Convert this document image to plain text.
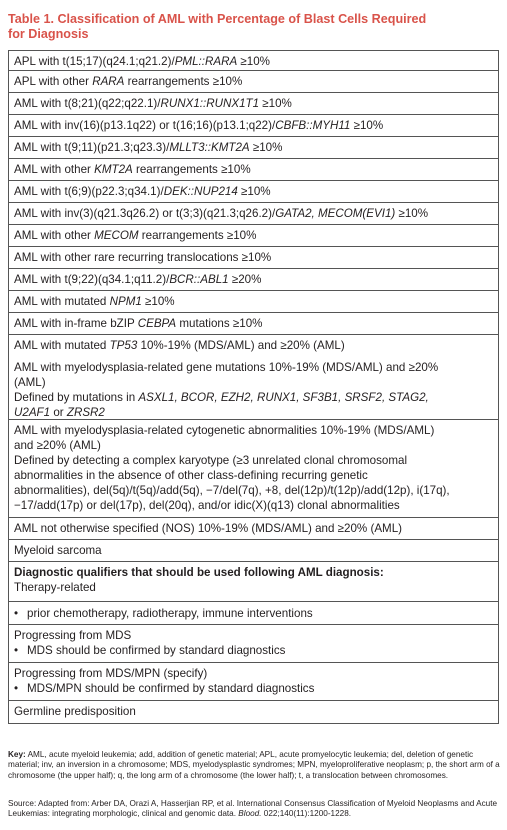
Table 1. Classification of AML with Percentage of Blast Cells Required
for Diagnosis
APL with t(15;17)(q24.1;q21.2)/PML::RARA ≥10%
APL with other RARA rearrangements ≥10%
AML with t(8;21)(q22;q22.1)/RUNX1::RUNX1T1 ≥10%
AML with inv(16)(p13.1q22) or t(16;16)(p13.1;q22)/CBFB::MYH11 ≥10%
AML with t(9;11)(p21.3;q23.3)/MLLT3::KMT2A ≥10%
AML with other KMT2A rearrangements ≥10%
AML with t(6;9)(p22.3;q34.1)/DEK::NUP214 ≥10%
AML with inv(3)(q21.3q26.2) or t(3;3)(q21.3;q26.2)/GATA2, MECOM(EVI1) ≥10%
AML with other MECOM rearrangements ≥10%
AML with other rare recurring translocations ≥10%
AML with t(9;22)(q34.1;q11.2)/BCR::ABL1 ≥20%
AML with mutated NPM1 ≥10%
AML with in-frame bZIP CEBPA mutations ≥10%
AML with mutated TP53 10%-19% (MDS/AML) and ≥20% (AML)
AML with myelodysplasia-related gene mutations 10%-19% (MDS/AML) and ≥20%
(AML)
Defined by mutations in ASXL1, BCOR, EZH2, RUNX1, SF3B1, SRSF2, STAG2,
U2AF1 or ZRSR2
AML with myelodysplasia-related cytogenetic abnormalities 10%-19% (MDS/AML)
and ≥20% (AML)
Defined by detecting a complex karyotype (≥3 unrelated clonal chromosomal
abnormalities in the absence of other class-defining recurring genetic
abnormalities), del(5q)/t(5q)/add(5q), −7/del(7q), +8, del(12p)/t(12p)/add(12p), i(17q),
−17/add(17p) or del(17p), del(20q), and/or idic(X)(q13) clonal abnormalities
AML not otherwise specified (NOS) 10%-19% (MDS/AML) and ≥20% (AML)
Myeloid sarcoma
Diagnostic qualifiers that should be used following AML diagnosis:
Therapy-related
• prior chemotherapy, radiotherapy, immune interventions
Progressing from MDS
• MDS should be confirmed by standard diagnostics
Progressing from MDS/MPN (specify)
• MDS/MPN should be confirmed by standard diagnostics
Germline predisposition
Key: AML, acute myeloid leukemia; add, addition of genetic material; APL, acute promyelocytic leukemia; del, deletion of genetic material; inv, an inversion in a chromosome; MDS, myelodysplastic syndromes; MPN, myeloproliferative neoplasm; p, the short arm of a chromosome (the upper half); q, the long arm of a chromosome (the lower half); t, a translocation between chromosomes.
Source: Adapted from: Arber DA, Orazi A, Hasserjian RP, et al. International Consensus Classification of Myeloid Neoplasms and Acute Leukemias: integrating morphologic, clinical and genomic data. Blood. 022;140(11):1200-1228.
